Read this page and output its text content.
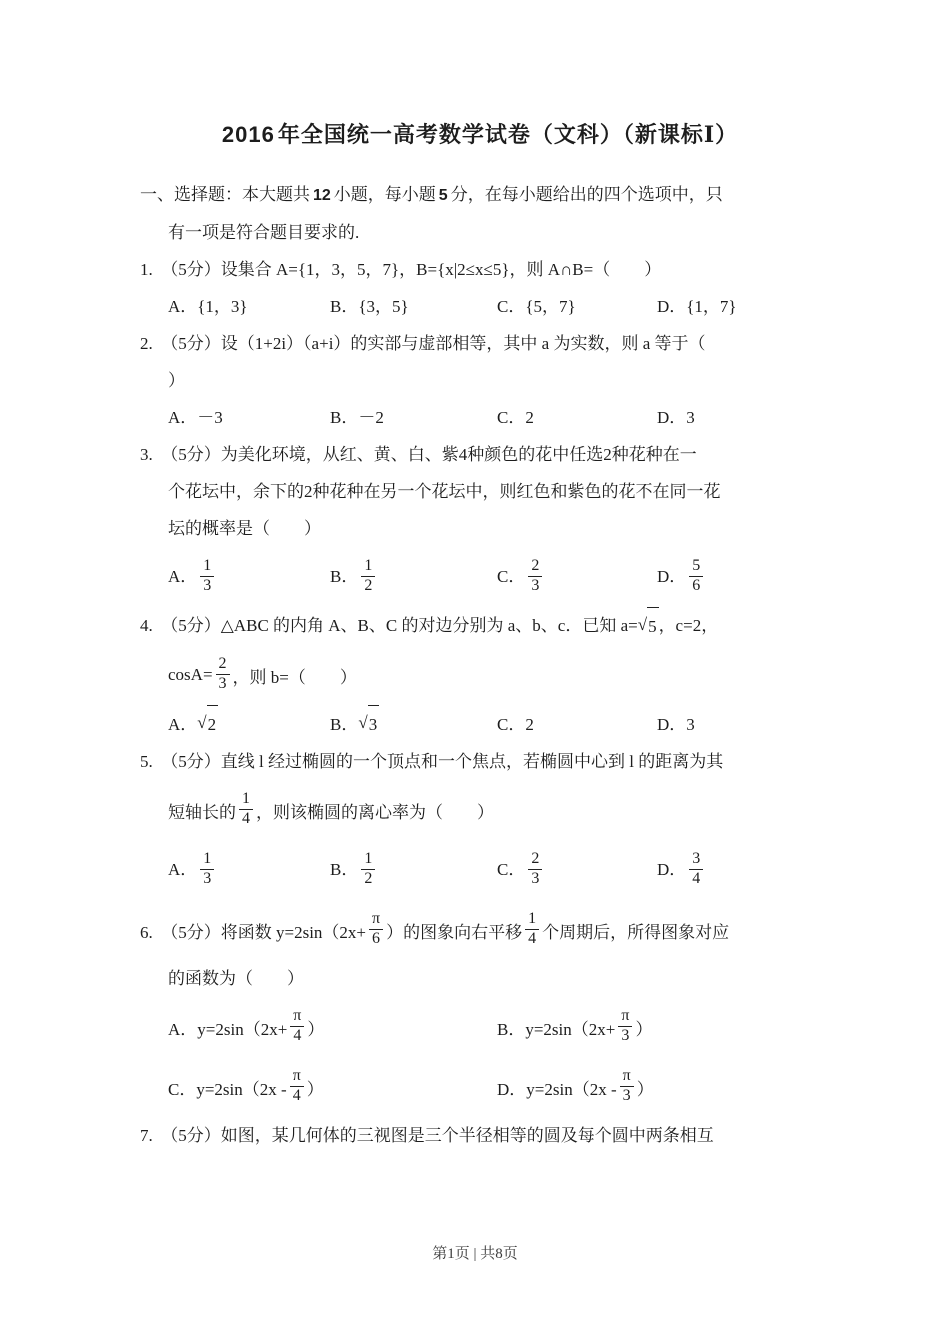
2016 年全国统一高考数学试卷（文科）（新课标Ⅰ）
一、选择题：本大题共 12 小题，每小题 5 分，在每小题给出的四个选项中，只
有一项是符合题目要求的.
1.　（5分）设集合 A={1，3，5，7}，B={x|2≤x≤5}，则 A∩B=（　　）
A．{1，3}	B．{3，5}	C．{5，7}	D．{1，7}
2.　（5分）设（1+2i）（a+i）的实部与虚部相等，其中 a 为实数，则 a 等于（
）
A．－3	B．－2	C．2	D．3
3.　（5分）为美化环境，从红、黄、白、紫4种颜色的花中任选2种花种在一
个花坛中，余下的2种花种在另一个花坛中，则红色和紫色的花不在同一花
坛的概率是（　　）
A． $\frac{1}{3}$	B． $\frac{1}{2}$	C． $\frac{2}{3}$	D． $\frac{5}{6}$
4.　（5分）△ABC 的内角 A、B、C 的对边分别为 a、b、c．已知 a= √ 5 ，c=2，
$\cos A= \frac{2}{3}$ ，则 b=（　　）
A． √ 2	B． √ 3	C．2	D．3
5.　（5分）直线 l 经过椭圆的一个顶点和一个焦点，若椭圆中心到 l 的距离为其
短轴长的 $\frac{1}{4}$ ，则该椭圆的离心率为（　　）
A． $\frac{1}{3}$	B． $\frac{1}{2}$	C． $\frac{2}{3}$	D． $\frac{3}{4}$
6.　（5分）将函数 $y=2\sin(2x+ \frac{\pi}{6}$ ）的图象向右平移 $\frac{1}{4}$ 个周期后，所得图象对应
的函数为（　　）
A．$y=2\sin(2x+ \frac{\pi}{4}$ ）	B．$y=2\sin(2x+ \frac{\pi}{3}$ ）
C．$y=2\sin(2x - \frac{\pi}{4}$ ）	D．$y=2\sin(2x - \frac{\pi}{3}$ ）
7.　（5分）如图，某几何体的三视图是三个半径相等的圆及每个圆中两条相互
第1页 | 共8页
